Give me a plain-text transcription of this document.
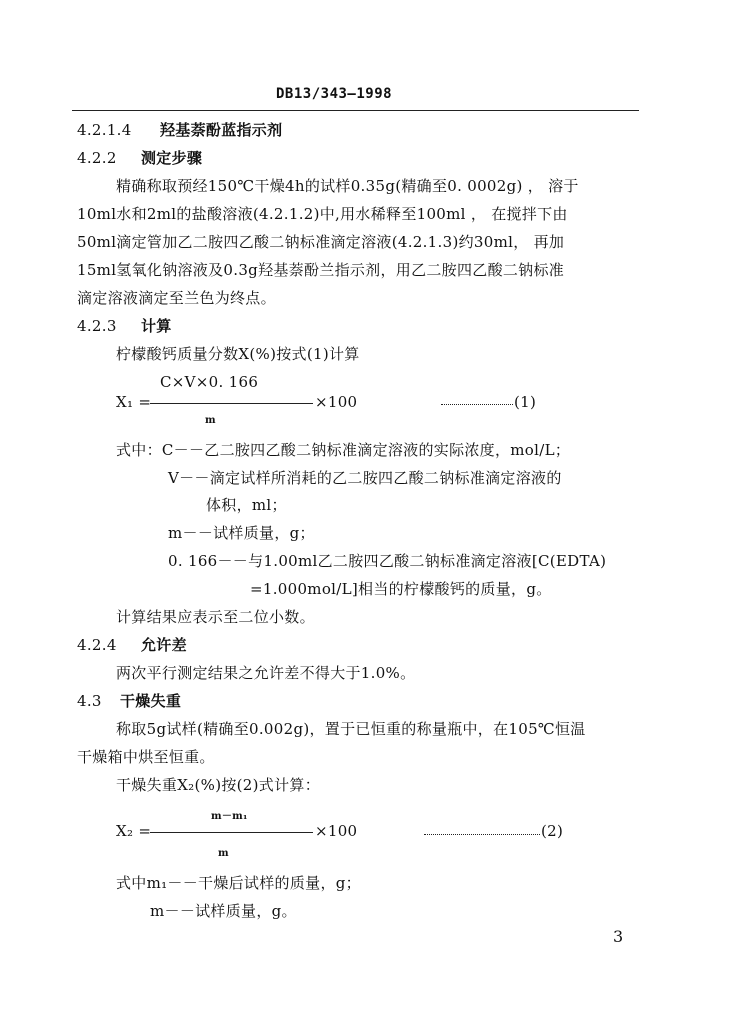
DB13/343—1998
4.2.1.4 羟基萘酚蓝指示剂
4.2.2 测定步骤
精确称取预经150℃干燥4h的试样0.35g(精确至0. 0002g) ， 溶于
10ml水和2ml的盐酸溶液(4.2.1.2)中,用水稀释至100ml ， 在搅拌下由
50ml滴定管加乙二胺四乙酸二钠标准滴定溶液(4.2.1.3)约30ml， 再加
15ml氢氧化钠溶液及0.3g羟基萘酚兰指示剂，用乙二胺四乙酸二钠标准
滴定溶液滴定至兰色为终点。
4.2.3 计算
柠檬酸钙质量分数X(%)按式(1)计算
C×V×0. 166
X₁ =	×100	(1)
m
式中：C－－乙二胺四乙酸二钠标准滴定溶液的实际浓度，mol/L；
V－－滴定试样所消耗的乙二胺四乙酸二钠标准滴定溶液的
体积，ml；
m－－试样质量，g；
0. 166－－与1.00ml乙二胺四乙酸二钠标准滴定溶液[C(EDTA)
=1.000mol/L]相当的柠檬酸钙的质量，g。
计算结果应表示至二位小数。
4.2.4 允许差
两次平行测定结果之允许差不得大于1.0%。
4.3 干燥失重
称取5g试样(精确至0.002g)，置于已恒重的称量瓶中，在105℃恒温
干燥箱中烘至恒重。
干燥失重X₂(%)按(2)式计算：
m－m₁
X₂ =	×100	(2)
m
式中m₁－－干燥后试样的质量，g；
m－－试样质量，g。
3
